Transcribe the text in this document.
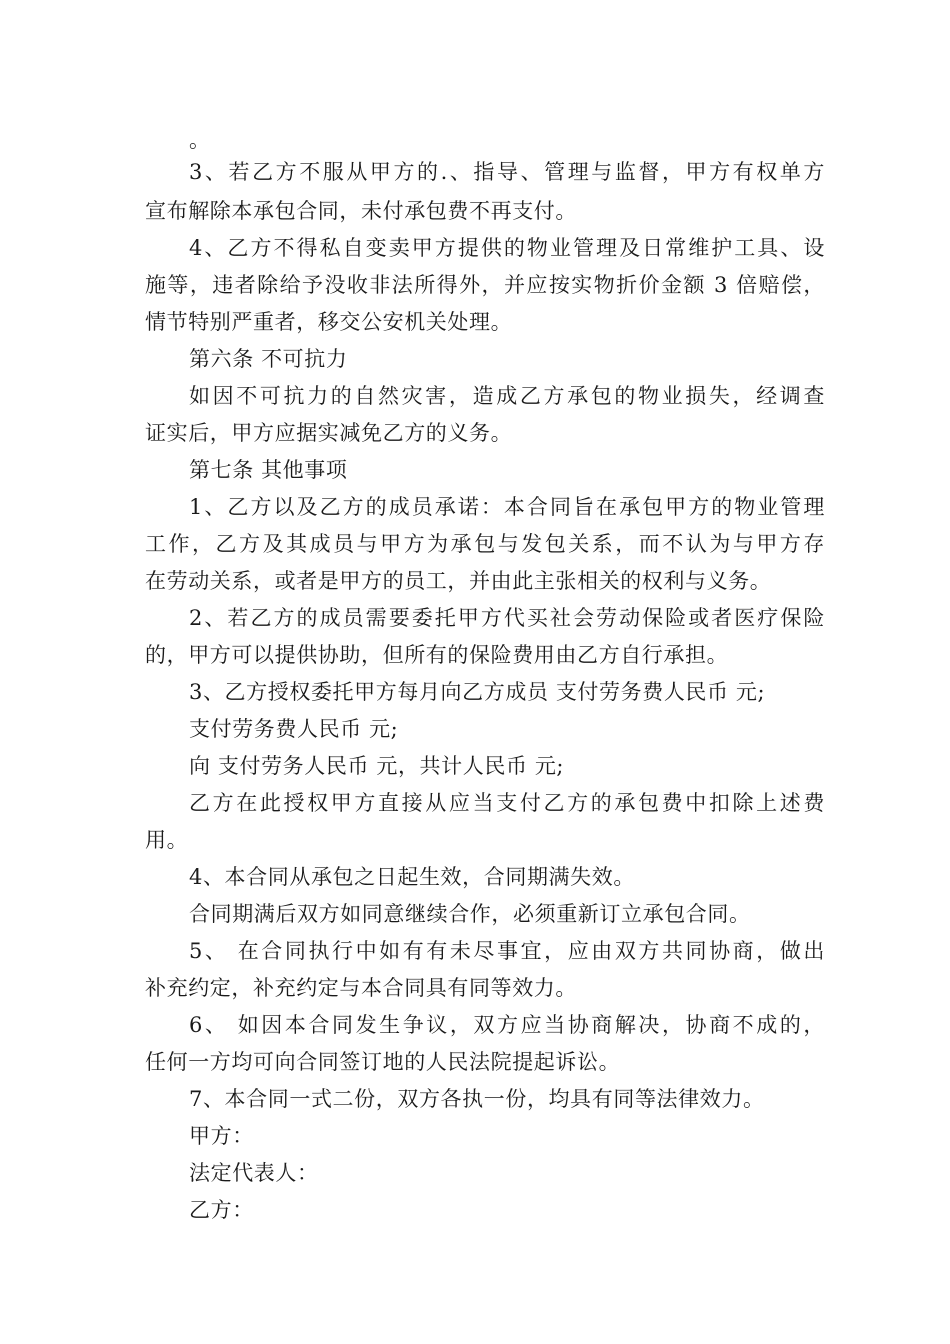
。
3、若乙方不服从甲方的.、指导、管理与监督，甲方有权单方
宣布解除本承包合同，未付承包费不再支付。
4、乙方不得私自变卖甲方提供的物业管理及日常维护工具、设
施等，违者除给予没收非法所得外，并应按实物折价金额 3 倍赔偿，
情节特别严重者，移交公安机关处理。
第六条 不可抗力
如因不可抗力的自然灾害，造成乙方承包的物业损失，经调查
证实后，甲方应据实减免乙方的义务。
第七条 其他事项
1、乙方以及乙方的成员承诺：本合同旨在承包甲方的物业管理
工作，乙方及其成员与甲方为承包与发包关系，而不认为与甲方存
在劳动关系，或者是甲方的员工，并由此主张相关的权利与义务。
2、若乙方的成员需要委托甲方代买社会劳动保险或者医疗保险
的，甲方可以提供协助，但所有的保险费用由乙方自行承担。
3、乙方授权委托甲方每月向乙方成员 支付劳务费人民币 元;
支付劳务费人民币 元;
向 支付劳务人民币 元，共计人民币 元;
乙方在此授权甲方直接从应当支付乙方的承包费中扣除上述费
用。
4、本合同从承包之日起生效，合同期满失效。
合同期满后双方如同意继续合作，必须重新订立承包合同。
5、 在合同执行中如有有未尽事宜，应由双方共同协商，做出
补充约定，补充约定与本合同具有同等效力。
6、 如因本合同发生争议，双方应当协商解决，协商不成的，
任何一方均可向合同签订地的人民法院提起诉讼。
7、本合同一式二份，双方各执一份，均具有同等法律效力。
甲方：
法定代表人：
乙方：
